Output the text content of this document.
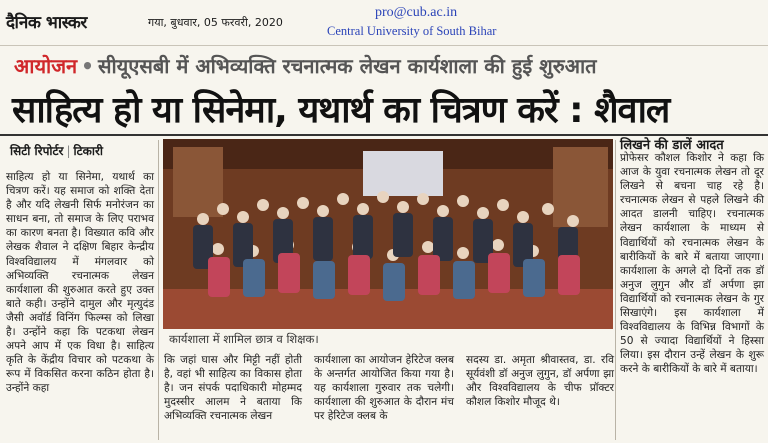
दैनिक भास्कर	गया, बुधवार, 05 फरवरी, 2020
pro@cub.ac.in
Central University of South Bihar
आयोजन • सीयूएसबी में अभिव्यक्ति रचनात्मक लेखन कार्यशाला की हुई शुरुआत
साहित्य हो या सिनेमा, यथार्थ का चित्रण करें : शैवाल
सिटी रिपोर्टर | टिकारी
साहित्य हो या सिनेमा, यथार्थ का चित्रण करें। यह समाज को शक्ति देता है और यदि लेखनी सिर्फ मनोरंजन का साधन बना, तो समाज के लिए पराभव का कारण बनता है। विख्यात कवि और लेखक शैवाल ने दक्षिण बिहार केन्द्रीय विश्वविद्यालय में मंगलवार को अभिव्यक्ति रचनात्मक लेखन कार्यशाला की शुरुआत करते हुए उक्त बाते कही। उन्होंने दामुल और मृत्युदंड जैसी अवॉर्ड विनिंग फिल्म्स को लिखा है। उन्होंने कहा कि पटकथा लेखन अपने आप में एक विधा है। साहित्य कृति के केंद्रीय विचार को पटकथा के रूप में विकसित करना कठिन होता है। उन्होंने कहा
कार्यशाला में शामिल छात्र व शिक्षक।
कि जहां घास और मिट्टी नहीं होती है, वहां भी साहित्य का विकास होता है। जन संपर्क पदाधिकारी मोहम्मद मुदस्सीर आलम ने बताया कि अभिव्यक्ति रचनात्मक लेखन
कार्यशाला का आयोजन हेरिटेज क्लब के अन्तर्गत आयोजित किया गया है। यह कार्यशाला गुरुवार तक चलेगी। कार्यशाला की शुरुआत के दौरान मंच पर हेरिटेज क्लब के
सदस्य डा. अमृता श्रीवास्तव, डा. रवि सूर्यवंशी डॉ अनुज लुगुन, डॉ अर्पणा झा और विश्वविद्यालय के चीफ प्रॉक्टर कौशल किशोर मौजूद थे।
लिखने की डालें आदत
प्रोफेसर कौशल किशोर ने कहा कि आज के युवा रचनात्मक लेखन तो दूर लिखने से बचना चाह रहे है। रचनात्मक लेखन से पहले लिखने की आदत डालनी चाहिए। रचनात्मक लेखन कार्यशाला के माध्यम से विद्यार्थियों को रचनात्मक लेखन के बारीकियों के बारे में बताया जाएगा। कार्यशाला के अगले दो दिनों तक डॉ अनुज लुगुन और डॉ अर्पणा झा विद्यार्थियों को रचनात्मक लेखन के गुर सिखाएंगे। इस कार्यशाला में विश्वविद्यालय के विभिन्न विभागों के 50 से ज्यादा विद्यार्थियों ने हिस्सा लिया। इस दौरान उन्हें लेखन के शुरू करने के बारीकियों के बारे में बताया।
